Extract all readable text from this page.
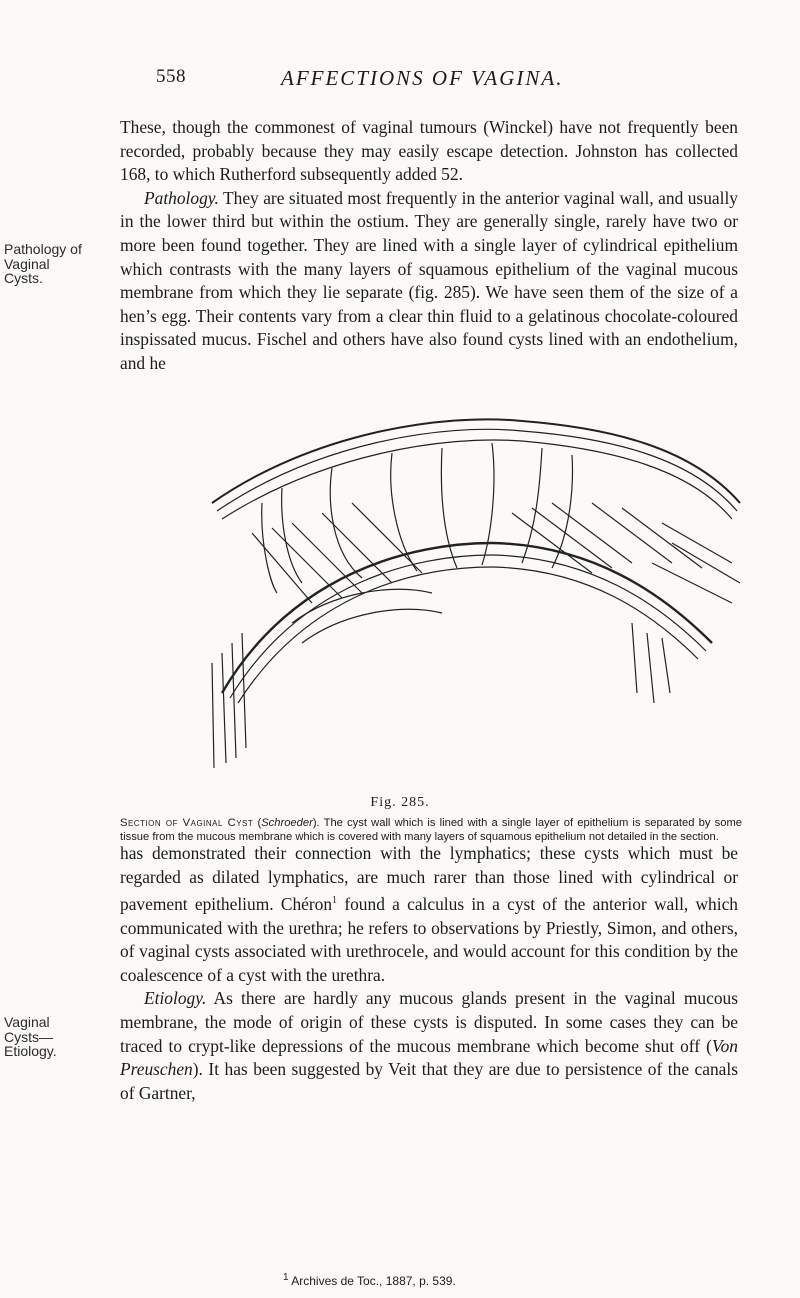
558	AFFECTIONS OF VAGINA.

These, though the commonest of vaginal tumours (Winckel) have not frequently been recorded, probably because they may easily escape detection. Johnston has collected 168, to which Rutherford subsequently added 52.

Pathology. They are situated most frequently in the anterior vaginal wall, and usually in the lower third but within the ostium. They are generally single, rarely have two or more been found together. They are lined with a single layer of cylindrical epithelium which contrasts with the many layers of squamous epithelium of the vaginal mucous membrane from which they lie separate (fig. 285). We have seen them of the size of a hen’s egg. Their contents vary from a clear thin fluid to a gelatinous chocolate-coloured inspissated mucus. Fischel and others have also found cysts lined with an endothelium, and he

Pathology of Vaginal Cysts.
Fig. 285.
Section of Vaginal Cyst (Schroeder). The cyst wall which is lined with a single layer of epithelium is separated by some tissue from the mucous membrane which is covered with many layers of squamous epithelium not detailed in the section.

has demonstrated their connection with the lymphatics; these cysts which must be regarded as dilated lymphatics, are much rarer than those lined with cylindrical or pavement epithelium. Chéron$^1$ found a calculus in a cyst of the anterior wall, which communicated with the urethra; he refers to observations by Priestly, Simon, and others, of vaginal cysts associated with urethrocele, and would account for this condition by the coalescence of a cyst with the urethra.

Etiology. As there are hardly any mucous glands present in the vaginal mucous membrane, the mode of origin of these cysts is disputed. In some cases they can be traced to crypt-like depressions of the mucous membrane which become shut off (Von Preuschen). It has been suggested by Veit that they are due to persistence of the canals of Gartner,

Vaginal Cysts—Etiology.
$^1$ Archives de Toc., 1887, p. 539.
